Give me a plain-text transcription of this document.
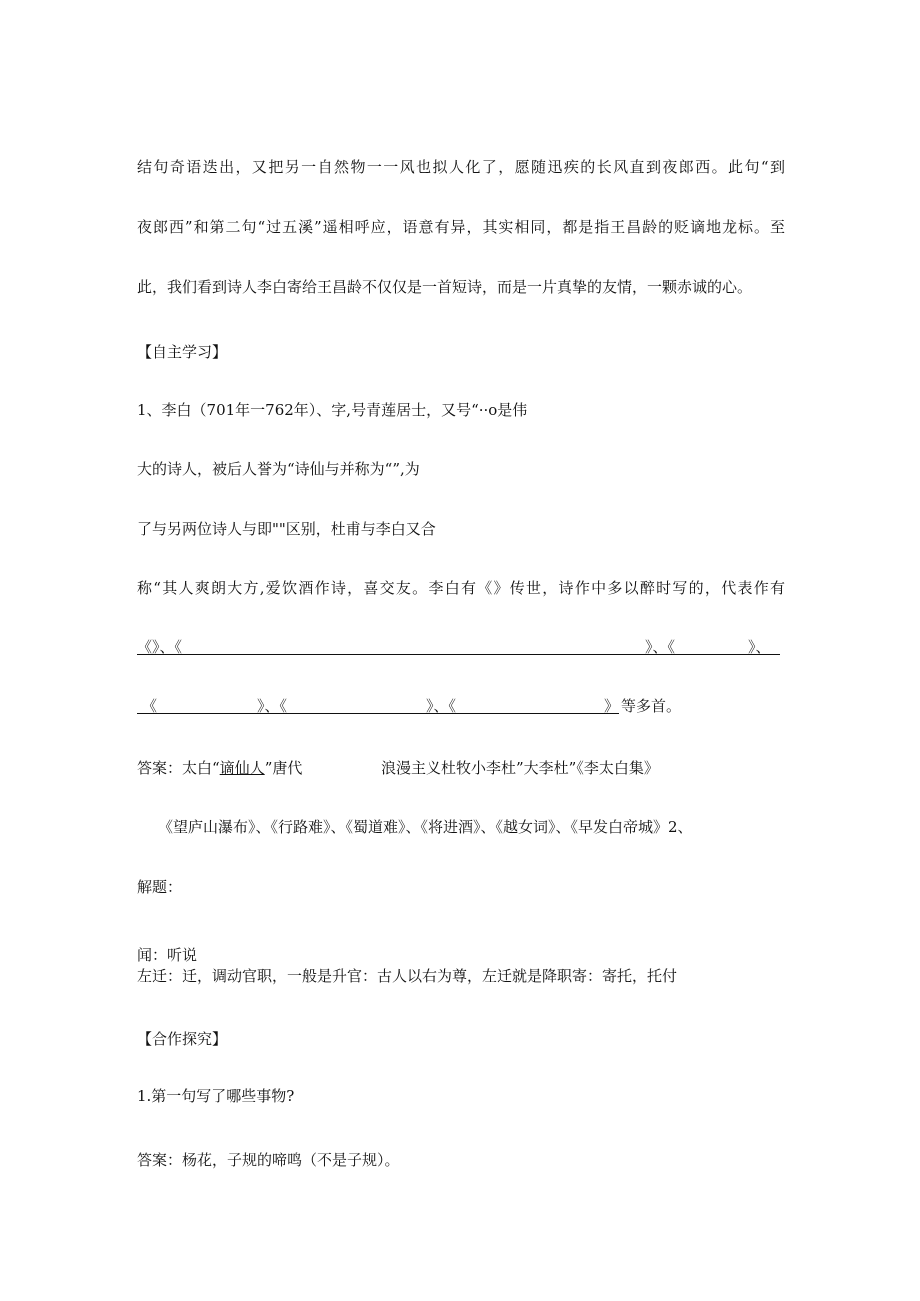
结句奇语迭出，又把另一自然物一一风也拟人化了，愿随迅疾的长风直到夜郎西。此句“到
夜郎西”和第二句“过五溪”遥相呼应，语意有异，其实相同，都是指王昌龄的贬谪地龙标。至
此，我们看到诗人李白寄给王昌龄不仅仅是一首短诗，而是一片真挚的友情，一颗赤诚的心。
【自主学习】
1、李白（701年一762年）、字,号青莲居士，又号“··o是伟
大的诗人，被后人誉为“诗仙与并称为“”,为
了与另两位诗人与即""区别，杜甫与李白又合
称“其人爽朗大方,爱饮酒作诗，喜交友。李白有《》传世，诗作中多以醉时写的，代表作有
《》、《	》、《	》、
《	》、《	》、《	》 等多首。
答案：太白“谪仙人”唐代	浪漫主义杜牧小李杜”大李杜”《李太白集》
《望庐山瀑布》、《行路难》、《蜀道难》、《将进酒》、《越女词》、《早发白帝城》2、
解题：
闻：听说
左迁：迁，调动官职，一般是升官：古人以右为尊，左迁就是降职寄：寄托，托付
【合作探究】
1.第一句写了哪些事物?
答案：杨花，子规的啼鸣（不是子规）。
